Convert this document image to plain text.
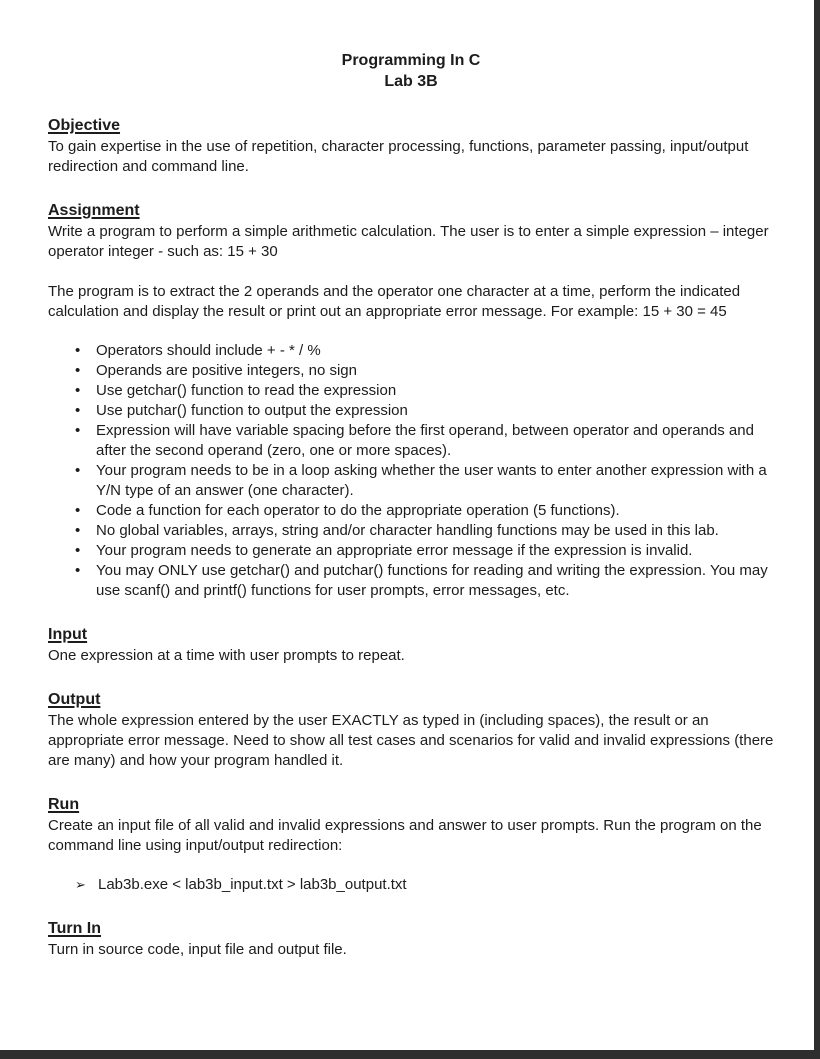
Programming In C
Lab 3B
Objective

To gain expertise in the use of repetition, character processing, functions, parameter passing, input/output redirection and command line.

Assignment

Write a program to perform a simple arithmetic calculation. The user is to enter a simple expression – integer operator integer - such as: 15 + 30

The program is to extract the 2 operands and the operator one character at a time, perform the indicated calculation and display the result or print out an appropriate error message. For example: 15 + 30 = 45

•	Operators should include + - * / %
•	Operands are positive integers, no sign
•	Use getchar() function to read the expression
•	Use putchar() function to output the expression
•	Expression will have variable spacing before the first operand, between operator and operands and after the second operand (zero, one or more spaces).
•	Your program needs to be in a loop asking whether the user wants to enter another expression with a Y/N type of an answer (one character).
•	Code a function for each operator to do the appropriate operation (5 functions).
•	No global variables, arrays, string and/or character handling functions may be used in this lab.
•	Your program needs to generate an appropriate error message if the expression is invalid.
•	You may ONLY use getchar() and putchar() functions for reading and writing the expression. You may use scanf() and printf() functions for user prompts, error messages, etc.
Input

One expression at a time with user prompts to repeat.

Output

The whole expression entered by the user EXACTLY as typed in (including spaces), the result or an appropriate error message. Need to show all test cases and scenarios for valid and invalid expressions (there are many) and how your program handled it.

Run

Create an input file of all valid and invalid expressions and answer to user prompts. Run the program on the command line using input/output redirection:

➢ Lab3b.exe < lab3b_input.txt > lab3b_output.txt
Turn In

Turn in source code, input file and output file.
